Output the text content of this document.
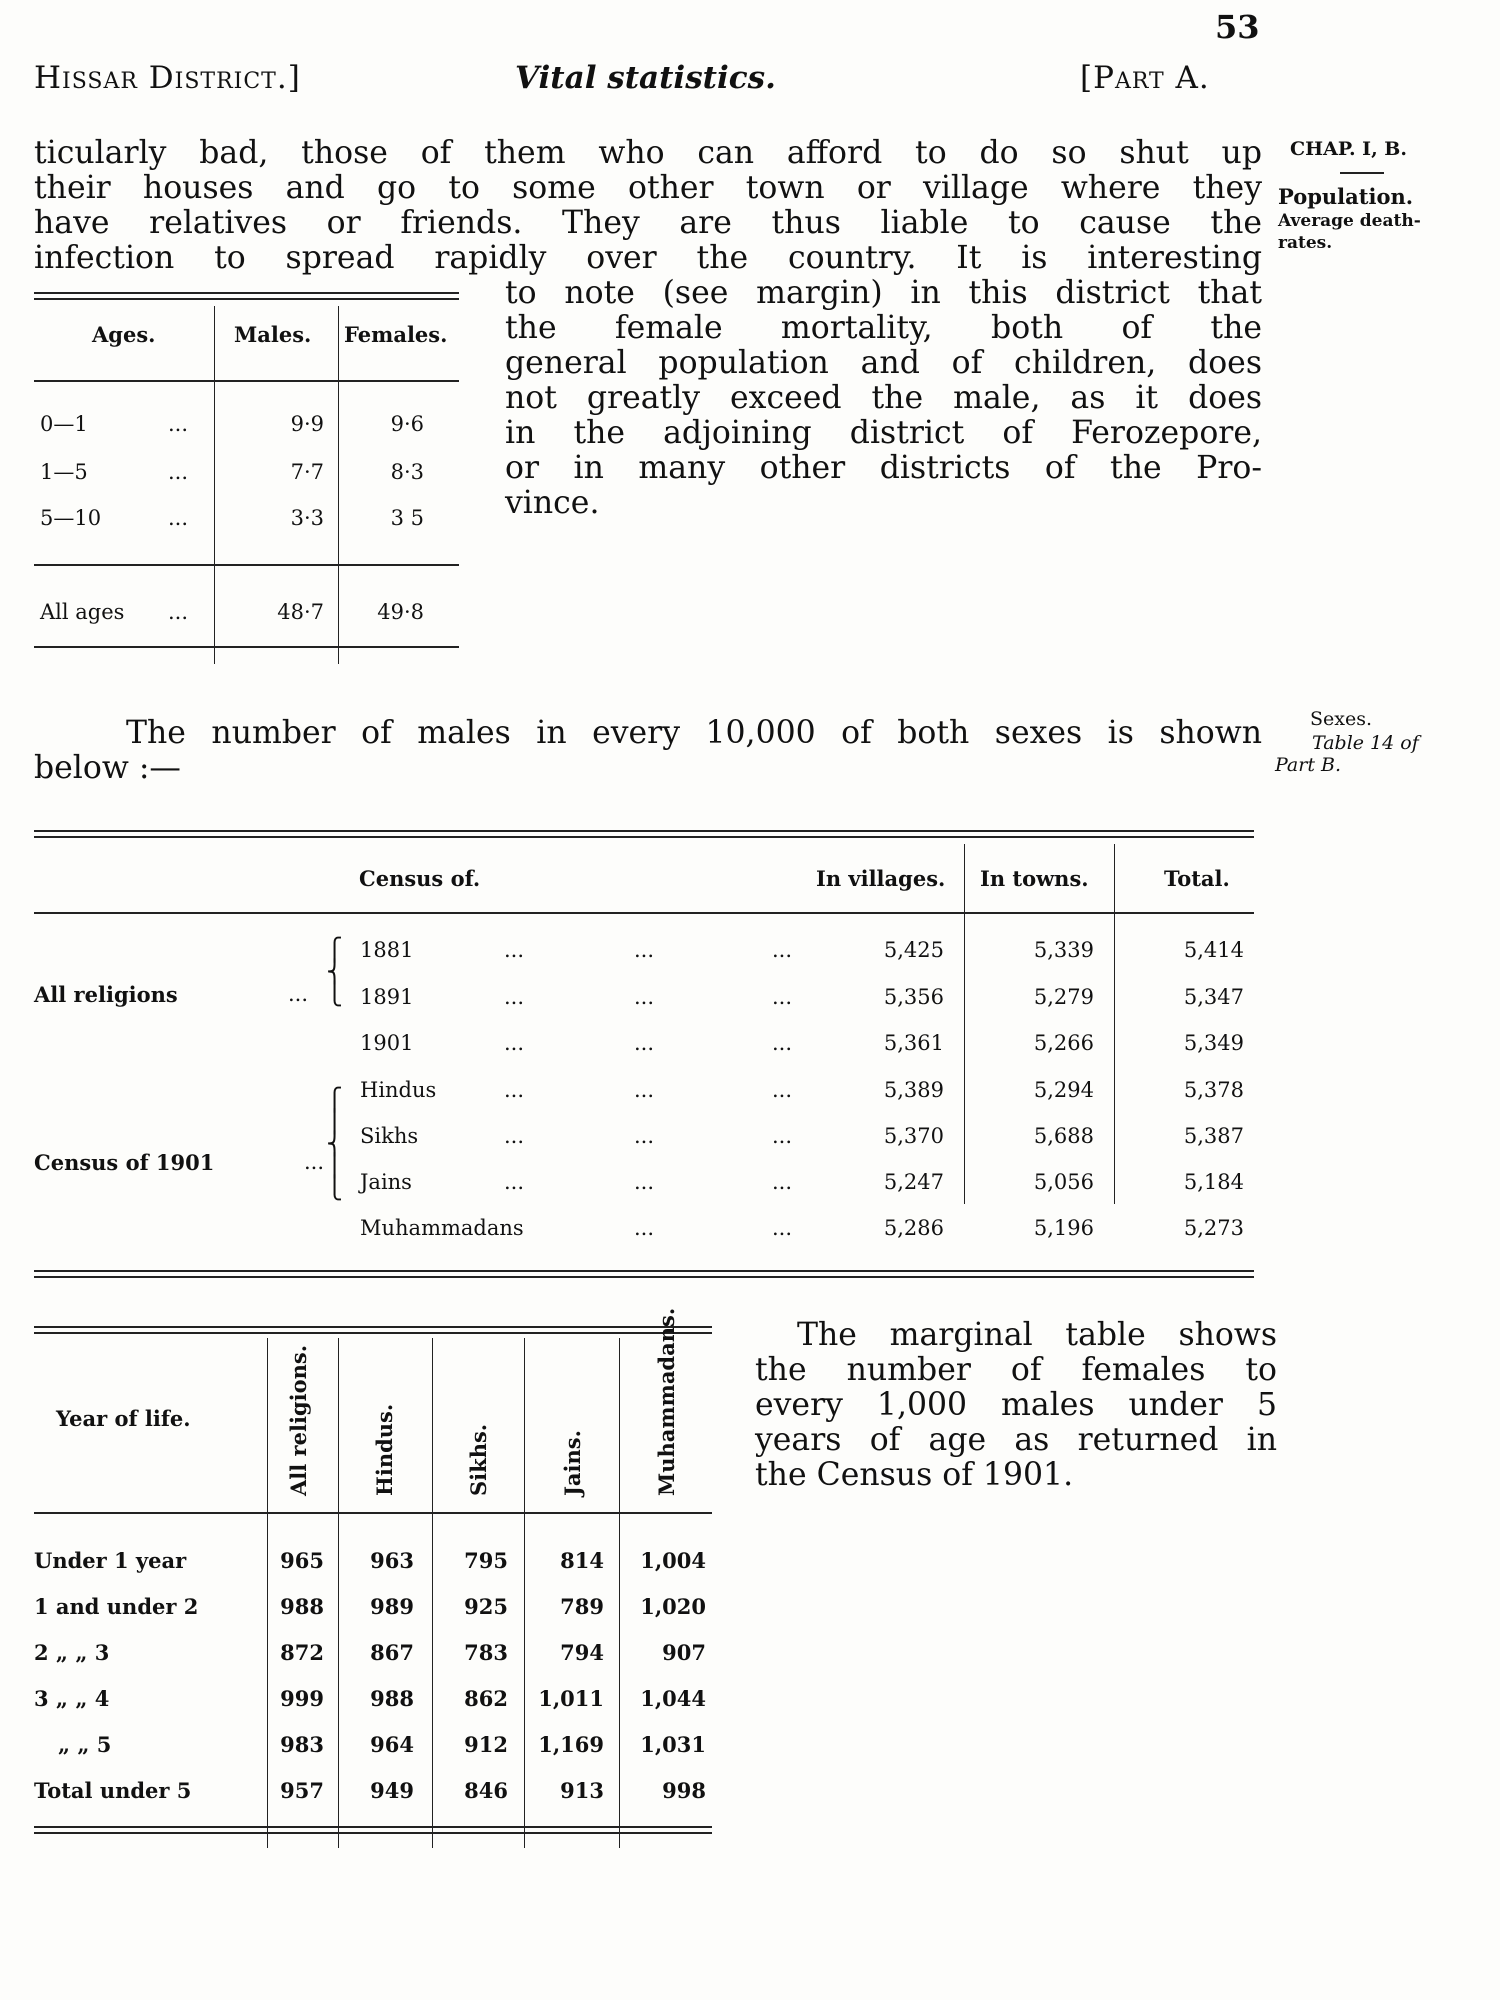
53
Hissar District.]	Vital statistics.	[Part A.
CHAP. I, B.
Population.
Average death-
rates.
Sexes.
Table 14 of
Part B.
ticularly bad, those of them who can afford to do so shut up
their houses and go to some other town or village where they
have relatives or friends. They are thus liable to cause the
infection to spread rapidly over the country. It is interesting
to note (see margin) in this district that
the female mortality, both of the
general population and of children, does
not greatly exceed the male, as it does
in the adjoining district of Ferozepore,
or in many other districts of the Pro-
vince.
Ages.	Males. Females.
0—1	...	9·9	9·6
1—5	...	7·7	8·3
5—10	...	3·3	3 5
All ages ...	48·7	49·8
The number of males in every 10,000 of both sexes is shown
below :—
Census of.	In villages. In towns.	Total.
All religions	...
⎧
⎨
⎩
Census of 1901	...
⎧
⎪
⎨
⎪
⎩
1881	...	...	...	5,425	5,339	5,414
1891	...	...	...	5,356	5,279	5,347
1901	...	...	...	5,361	5,266	5,349
Hindus	...	...	...	5,389	5,294	5,378
Sikhs	...	...	...	5,370	5,688	5,387
Jains	...	...	...	5,247	5,056	5,184
Muhammadans	...	...	5,286	5,196	5,273
The marginal table shows
the number of females to
every 1,000 males under 5
years of age as returned in
the Census of 1901.
Year of life.	All religions.	Hindus.	Sikhs.	Jains.	Muhammadans.
Under 1 year	965	963	795	814	1,004
1 and under 2	988	989	925	789	1,020
2 „ „ 3	872	867	783	794	907
3 „ „ 4	999	988	862	1,011	1,044
„ „ 5	983	964	912	1,169	1,031
Total under 5	957	949	846	913	998
